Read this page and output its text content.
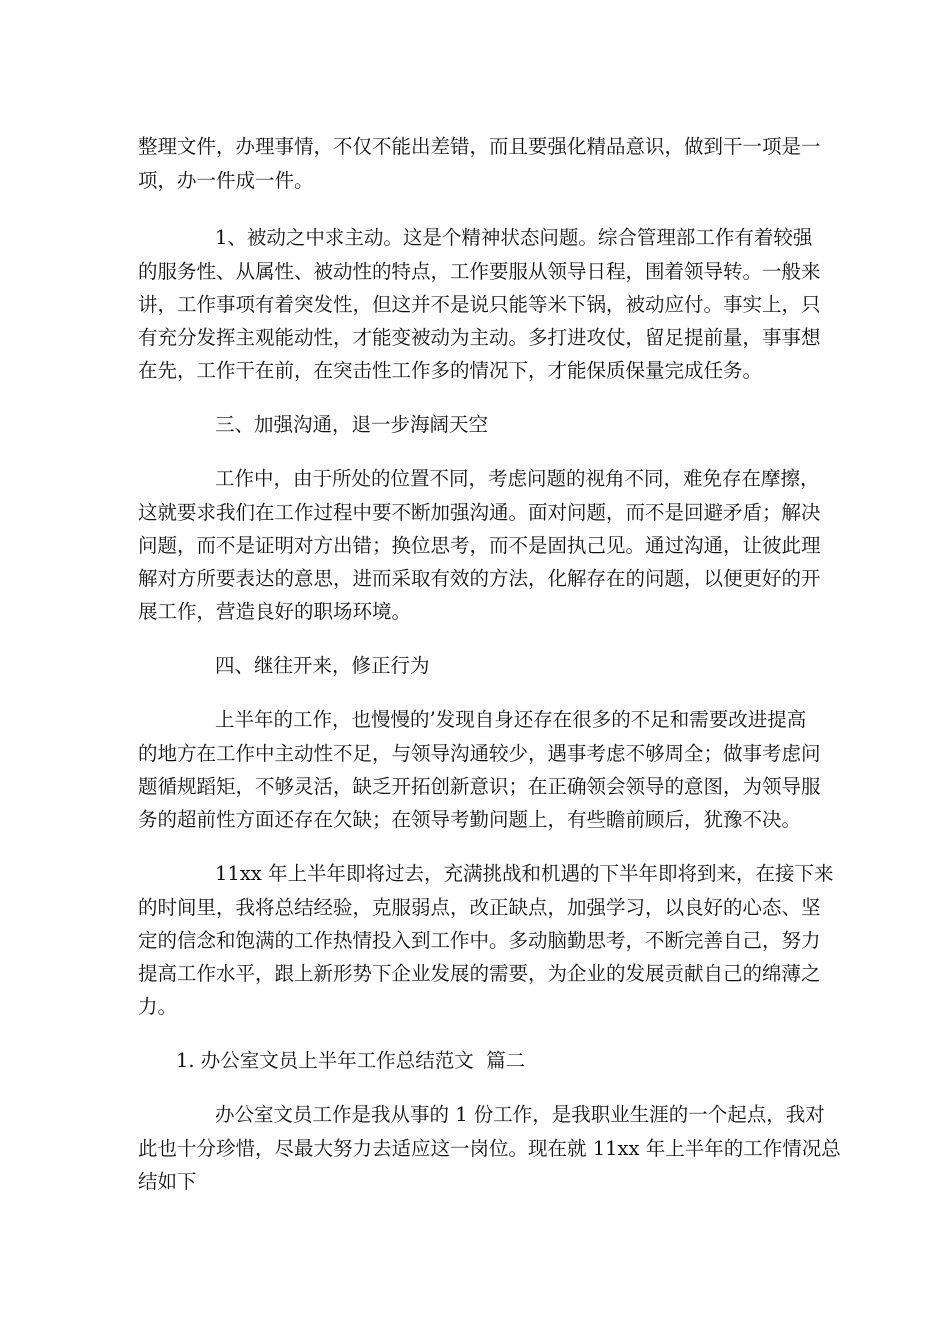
整理文件，办理事情，不仅不能出差错，而且要强化精品意识，做到干一项是一

项，办一件成一件。

1、被动之中求主动。这是个精神状态问题。综合管理部工作有着较强

的服务性、从属性、被动性的特点，工作要服从领导日程，围着领导转。一般来

讲，工作事项有着突发性，但这并不是说只能等米下锅，被动应付。事实上，只

有充分发挥主观能动性，才能变被动为主动。多打进攻仗，留足提前量，事事想

在先，工作干在前，在突击性工作多的情况下，才能保质保量完成任务。

三、加强沟通，退一步海阔天空

工作中，由于所处的位置不同，考虑问题的视角不同，难免存在摩擦，

这就要求我们在工作过程中要不断加强沟通。面对问题，而不是回避矛盾；解决

问题，而不是证明对方出错；换位思考，而不是固执己见。通过沟通，让彼此理

解对方所要表达的意思，进而采取有效的方法，化解存在的问题，以便更好的开

展工作，营造良好的职场环境。

四、继往开来，修正行为

上半年的工作，也慢慢的’发现自身还存在很多的不足和需要改进提高

的地方在工作中主动性不足，与领导沟通较少，遇事考虑不够周全；做事考虑问

题循规蹈矩，不够灵活，缺乏开拓创新意识；在正确领会领导的意图，为领导服

务的超前性方面还存在欠缺；在领导考勤问题上，有些瞻前顾后，犹豫不决。

11xx 年上半年即将过去，充满挑战和机遇的下半年即将到来，在接下来

的时间里，我将总结经验，克服弱点，改正缺点，加强学习，以良好的心态、坚

定的信念和饱满的工作热情投入到工作中。多动脑勤思考，不断完善自己，努力

提高工作水平，跟上新形势下企业发展的需要，为企业的发展贡献自己的绵薄之

力。

1. 办公室文员上半年工作总结范文  篇二

办公室文员工作是我从事的 1 份工作，是我职业生涯的一个起点，我对

此也十分珍惜，尽最大努力去适应这一岗位。现在就 11xx 年上半年的工作情况总

结如下
